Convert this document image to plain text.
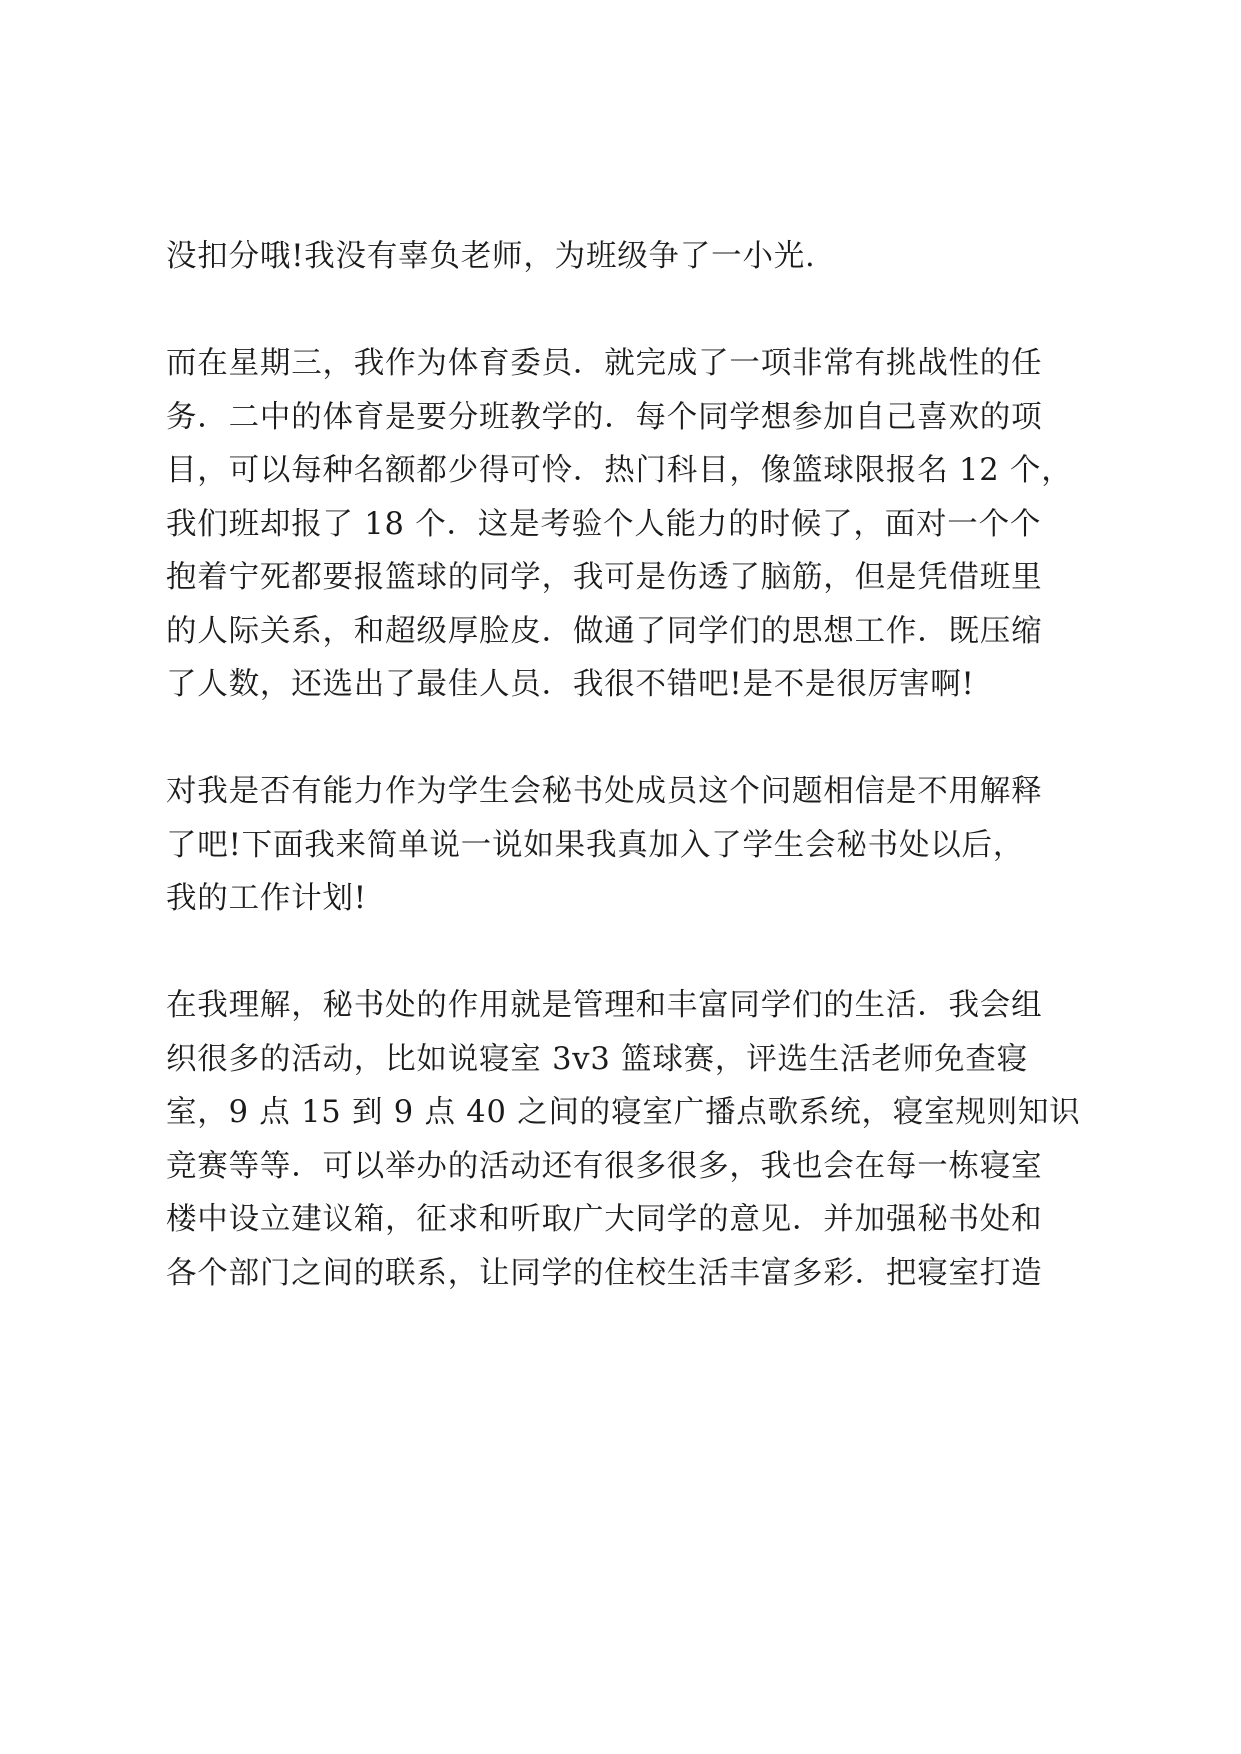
没扣分哦!我没有辜负老师，为班级争了一小光.

而在星期三，我作为体育委员．就完成了一项非常有挑战性的任
务．二中的体育是要分班教学的．每个同学想参加自己喜欢的项
目，可以每种名额都少得可怜．热门科目，像篮球限报名 12 个，
我们班却报了 18 个．这是考验个人能力的时候了，面对一个个
抱着宁死都要报篮球的同学，我可是伤透了脑筋，但是凭借班里
的人际关系，和超级厚脸皮．做通了同学们的思想工作．既压缩
了人数，还选出了最佳人员．我很不错吧!是不是很厉害啊!

对我是否有能力作为学生会秘书处成员这个问题相信是不用解释
了吧!下面我来简单说一说如果我真加入了学生会秘书处以后，
我的工作计划!

在我理解，秘书处的作用就是管理和丰富同学们的生活．我会组
织很多的活动，比如说寝室 3v3 篮球赛，评选生活老师免查寝
室，9 点 15 到 9 点 40 之间的寝室广播点歌系统，寝室规则知识
竞赛等等．可以举办的活动还有很多很多，我也会在每一栋寝室
楼中设立建议箱，征求和听取广大同学的意见．并加强秘书处和
各个部门之间的联系，让同学的住校生活丰富多彩．把寝室打造
